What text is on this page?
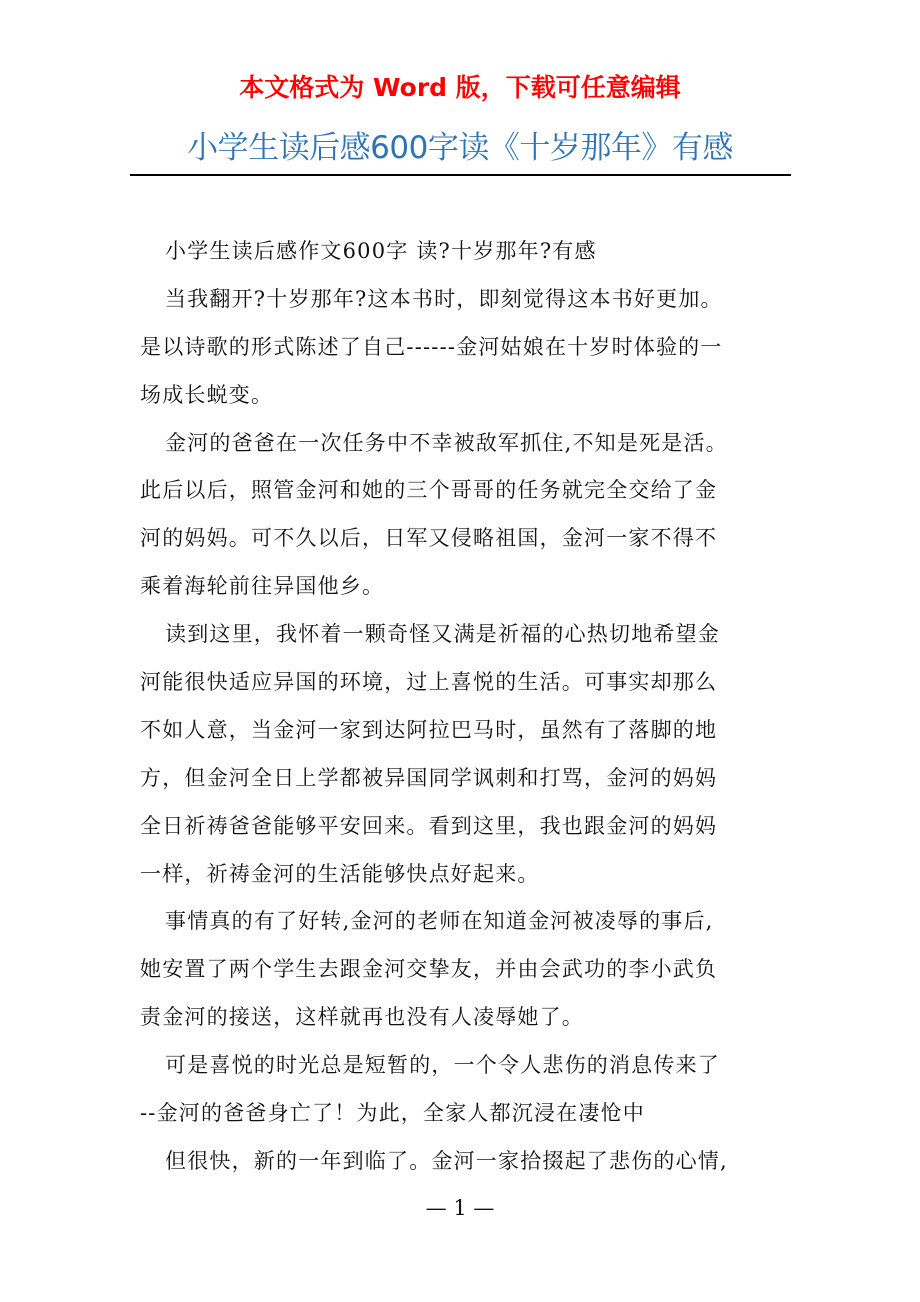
本文格式为 Word 版，下载可任意编辑
小学生读后感600字读《十岁那年》有感
小学生读后感作文600字 读?十岁那年?有感
当我翻开?十岁那年?这本书时，即刻觉得这本书好更加。
是以诗歌的形式陈述了自己------金河姑娘在十岁时体验的一
场成长蜕变。
金河的爸爸在一次任务中不幸被敌军抓住,不知是死是活。
此后以后，照管金河和她的三个哥哥的任务就完全交给了金
河的妈妈。可不久以后，日军又侵略祖国，金河一家不得不
乘着海轮前往异国他乡。
读到这里，我怀着一颗奇怪又满是祈福的心热切地希望金
河能很快适应异国的环境，过上喜悦的生活。可事实却那么
不如人意，当金河一家到达阿拉巴马时，虽然有了落脚的地
方，但金河全日上学都被异国同学讽刺和打骂，金河的妈妈
全日祈祷爸爸能够平安回来。看到这里，我也跟金河的妈妈
一样，祈祷金河的生活能够快点好起来。
事情真的有了好转,金河的老师在知道金河被凌辱的事后,
她安置了两个学生去跟金河交挚友，并由会武功的李小武负
责金河的接送，这样就再也没有人凌辱她了。
可是喜悦的时光总是短暂的，一个令人悲伤的消息传来了
--金河的爸爸身亡了！为此，全家人都沉浸在凄怆中
但很快，新的一年到临了。金河一家拾掇起了悲伤的心情,
— 1 —
